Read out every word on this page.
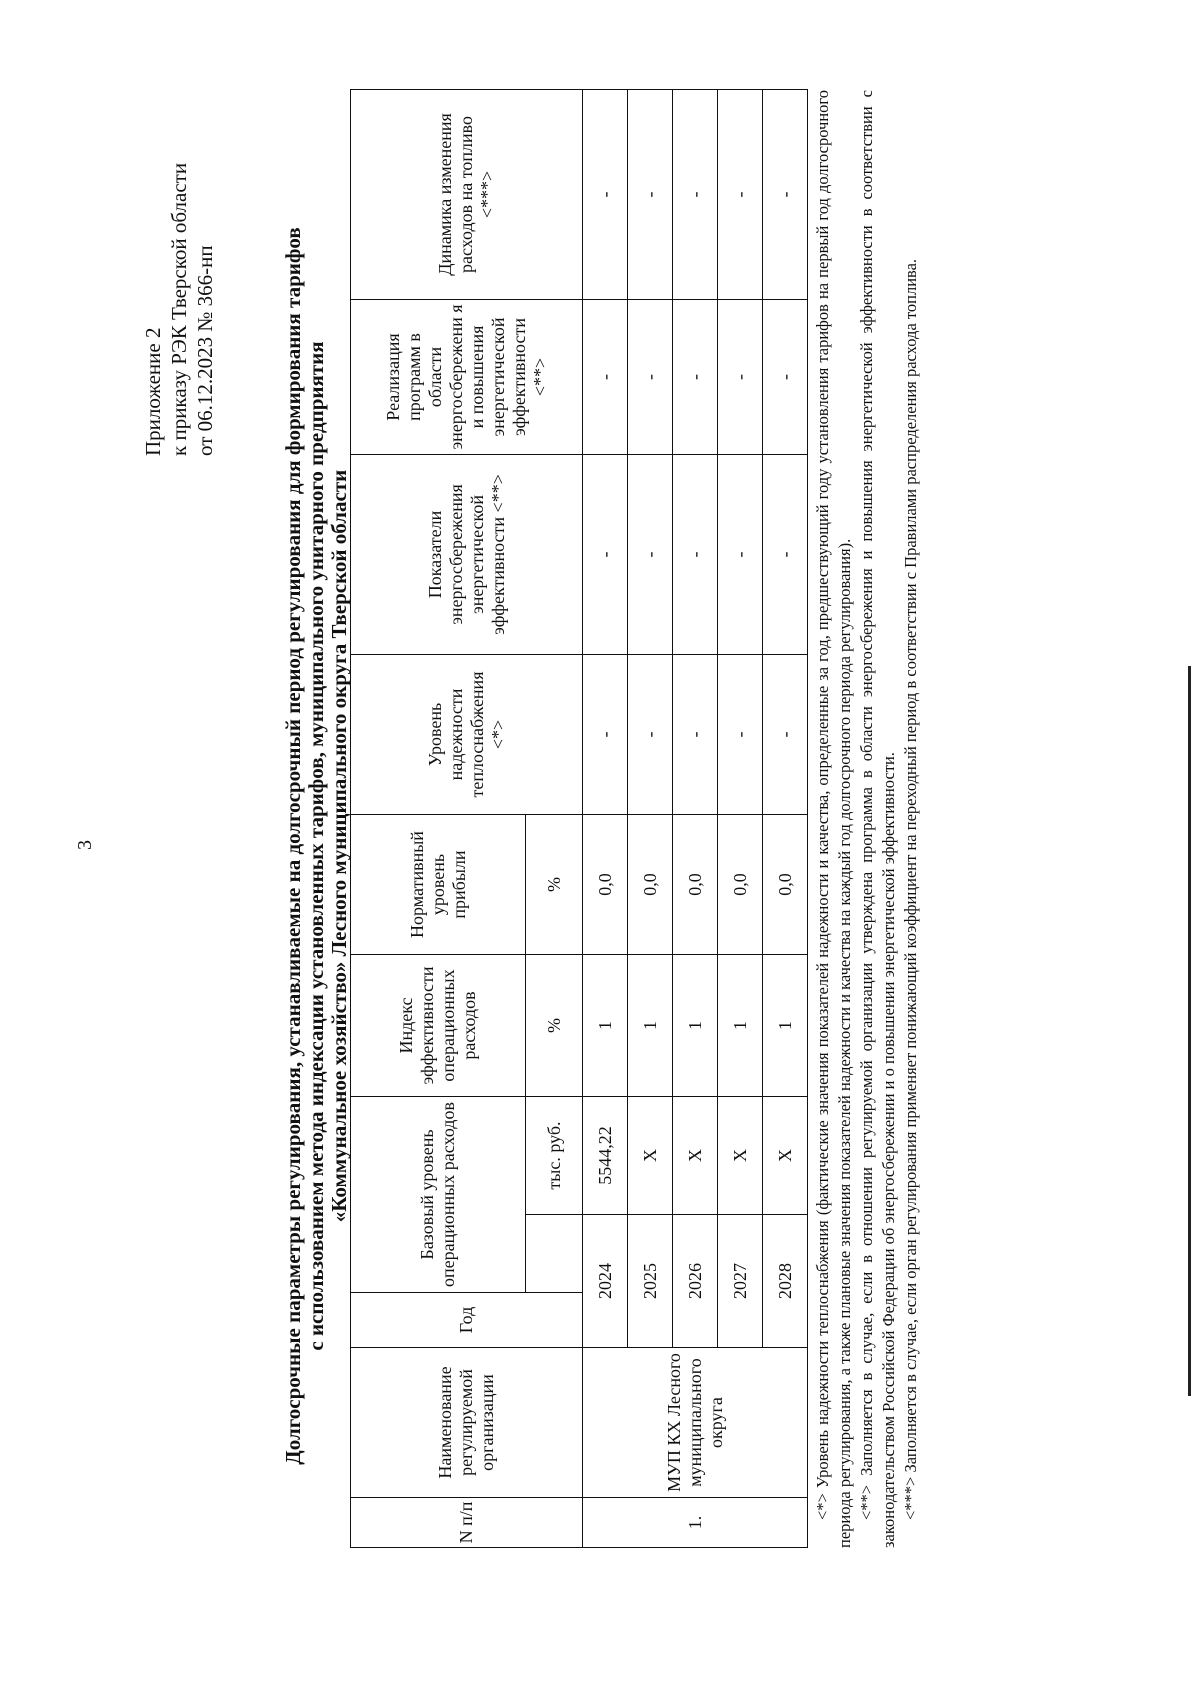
3
Приложение 2 к приказу РЭК Тверской области от 06.12.2023 № 366-нп	Долгосрочные параметры регулирования, устанавливаемые на долгосрочный период регулирования для формирования тарифов с использованием метода индексации установленных тарифов, муниципального унитарного предприятия «Коммунальное хозяйство» Лесного муниципального округа Тверской области
N п/п	Наименование регулируемой организации	Год	Базовый уровень операционных расходов		Индекс эффективности операционных расходов	Нормативный уровень прибыли	Уровень надежности теплоснабжения <*>	Показатели энергосбережения энергетической эффективности <**>	Реализация программ в области энергосбережени я и повышения энергетической эффективности <**>	Динамика изменения расходов на топливо <***>
				тыс. руб.	%	%				
1.	МУП КХ Лесного муниципального округа	2024		5544,22	1	0,0	-	-	-	-
		2025		Х	1	0,0	-	-	-	-
		2026		Х	1	0,0	-	-	-	-
		2027		Х	1	0,0	-	-	-	-
		2028		Х	1	0,0	-	-	-	- <*> Уровень надежности теплоснабжения (фактические значения показателей надежности и качества, определенные за год, предшествующий году установления тарифов на первый год долгосрочного периода регулирования, а также плановые значения показателей надежности и качества на каждый год долгосрочного периода регулирования). <**> Заполняется в случае, если в отношении регулируемой организации утверждена программа в области энергосбережения и повышения энергетической эффективности в соответствии с законодательством Российской Федерации об энергосбережении и о повышении энергетической эффективности. <***> Заполняется в случае, если орган регулирования применяет понижающий коэффициент на переходный период в соответствии с Правилами распределения расхода топлива.
